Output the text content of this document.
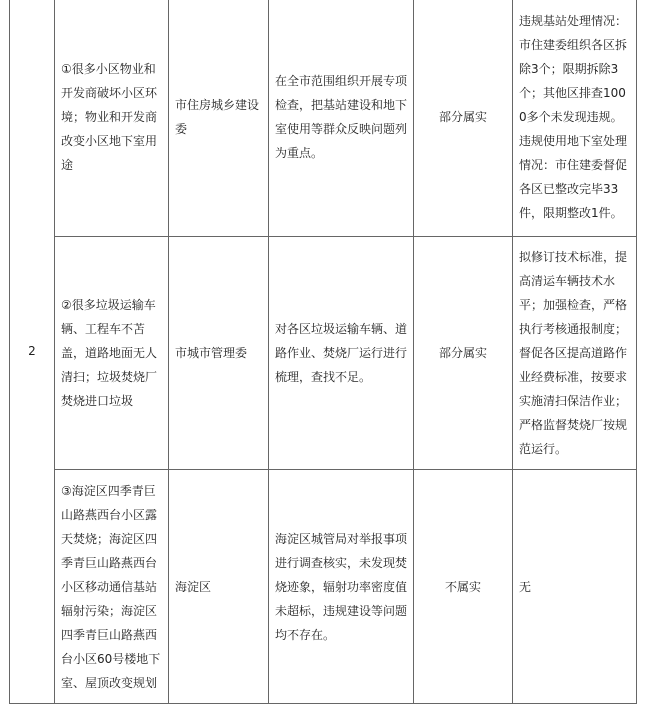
2	①很多小区物业和开发商破坏小区环境；物业和开发商改变小区地下室用途	市住房城乡建设委	在全市范围组织开展专项检查，把基站建设和地下室使用等群众反映问题列为重点。	部分属实	违规基站处理情况：市住建委组织各区拆除3个；限期拆除3个；其他区排查1000多个未发现违规。违规使用地下室处理情况：市住建委督促各区已整改完毕33件，限期整改1件。
	②很多垃圾运输车辆、工程车不苫盖，道路地面无人清扫；垃圾焚烧厂焚烧进口垃圾	市城市管理委	对各区垃圾运输车辆、道路作业、焚烧厂运行进行梳理，查找不足。	部分属实	拟修订技术标准，提高清运车辆技术水平；加强检查，严格执行考核通报制度；督促各区提高道路作业经费标准，按要求实施清扫保洁作业；严格监督焚烧厂按规范运行。
	③海淀区四季青巨山路燕西台小区露天焚烧；海淀区四季青巨山路燕西台小区移动通信基站辐射污染；海淀区四季青巨山路燕西台小区60号楼地下室、屋顶改变规划	海淀区	海淀区城管局对举报事项进行调查核实，未发现焚烧迹象，辐射功率密度值未超标，违规建设等问题均不存在。	不属实	无
